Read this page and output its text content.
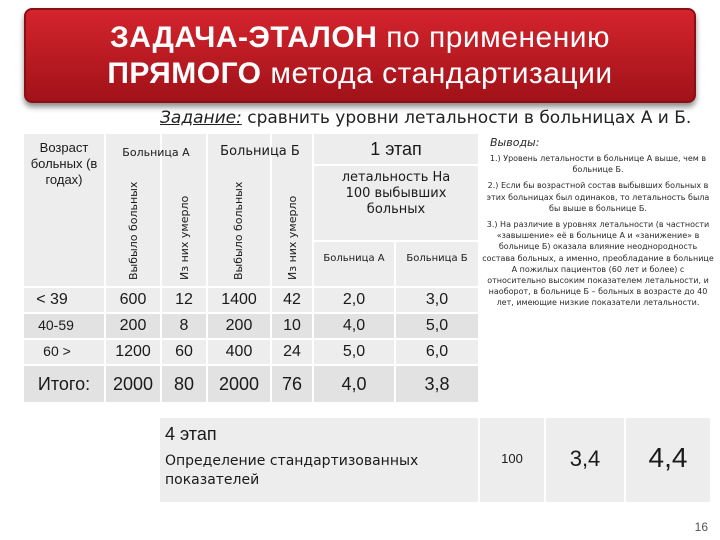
ЗАДАЧА-ЭТАЛОН по применению
ПРЯМОГО метода стандартизации
Задание: сравнить уровни летальности в больницах А и Б.
Возраст больных (в годах)
Больница А	Больница Б
Выбыло больных	Из них умерло	Выбыло больных	Из них умерло
1 этап
летальность На 100 выбывших больных
Больница А	Больница Б
< 39	600	12	1400	42	2,0	3,0
40-59	200	8	200	10	4,0	5,0
60 >	1200	60	400	24	5,0	6,0
Итого:	2000	80	2000	76	4,0	3,8
4 этап
Определение стандартизованных показателей
100	3,4	4,4
Выводы:

1.) Уровень летальности в больнице А выше, чем в больнице Б.

2.) Если бы возрастной состав выбывших больных в этих больницах был одинаков, то летальность была бы выше в больнице Б.

3.) На различие в уровнях летальности (в частности «завышение» её в больнице А и «занижение» в больнице Б) оказала влияние неоднородность состава больных, а именно, преобладание в больнице А пожилых пациентов (60 лет и более) с относительно высоким показателем летальности, и наоборот, в больнице Б – больных в возрасте до 40 лет, имеющие низкие показатели летальности.

16
